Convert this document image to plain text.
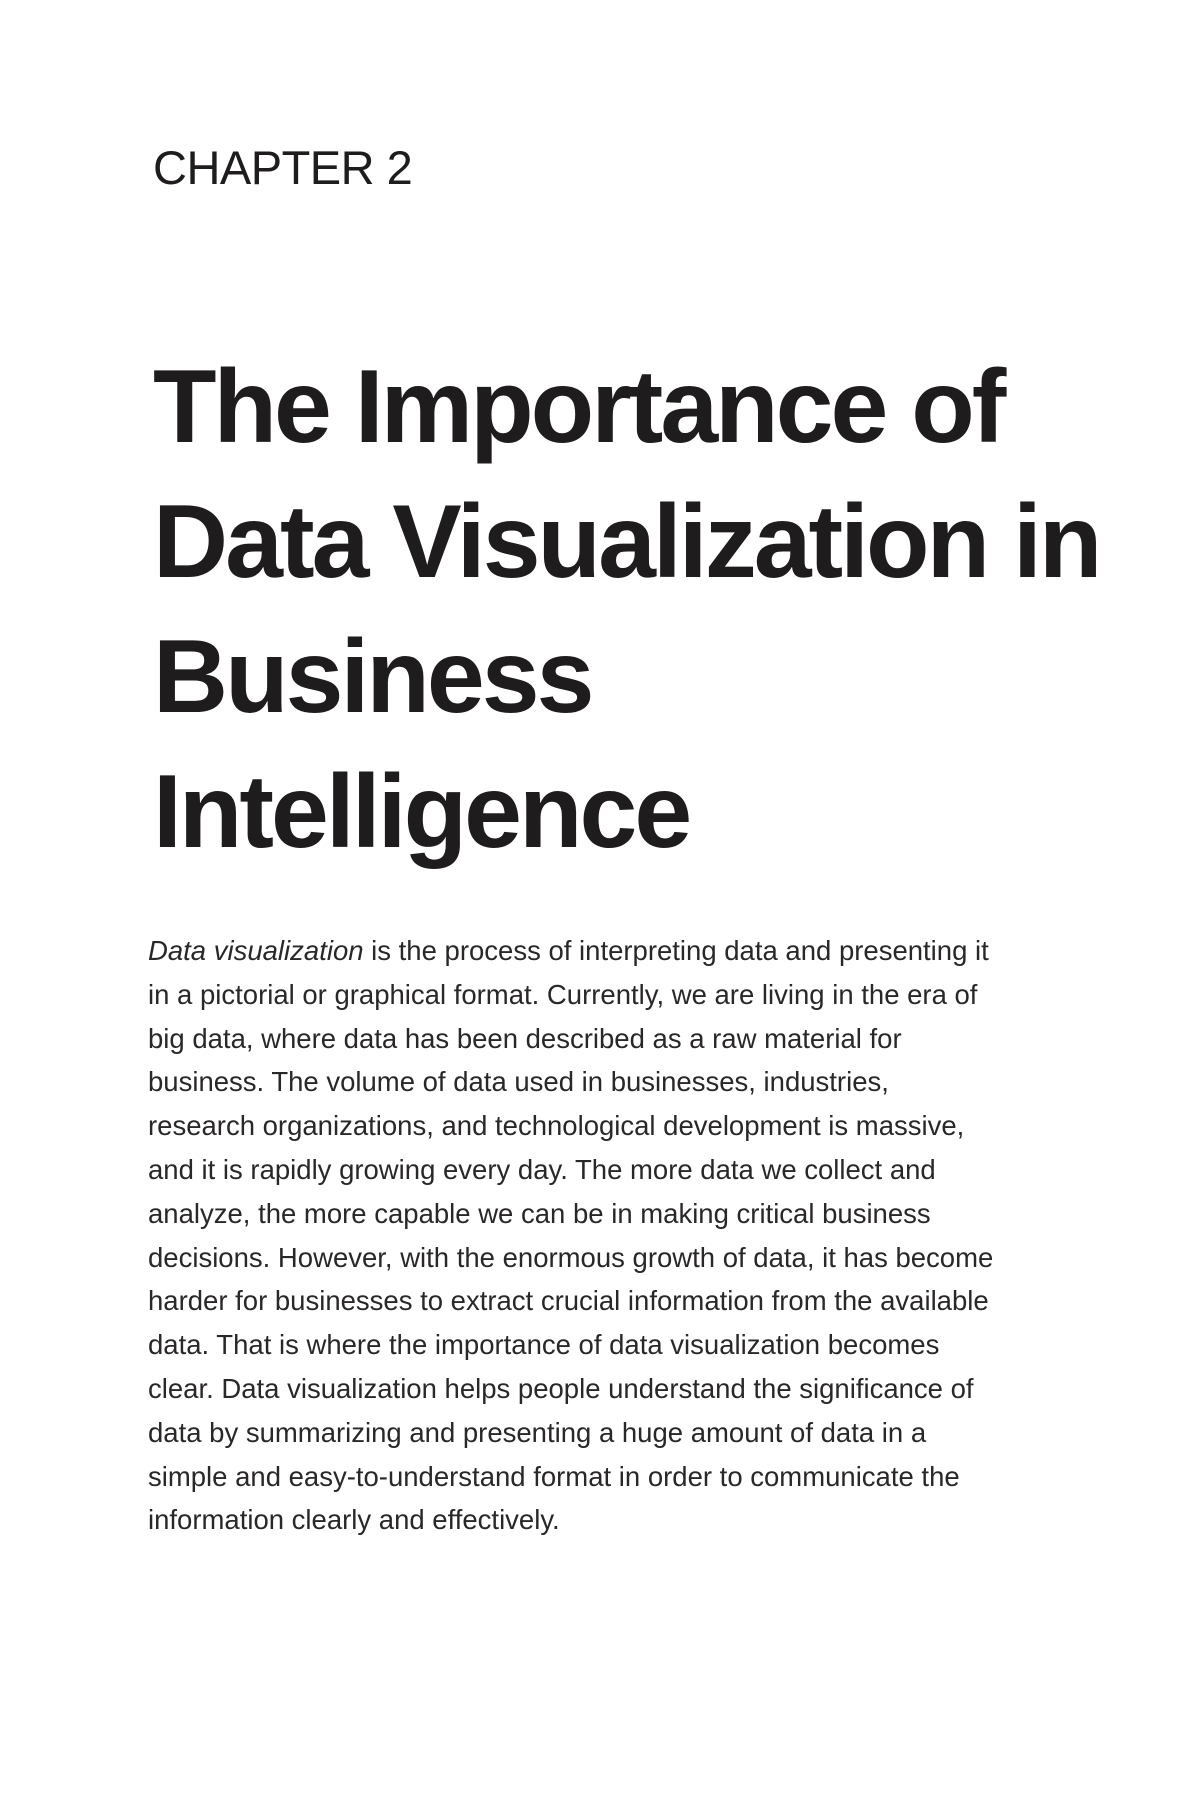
CHAPTER 2
The Importance of
Data Visualization in
Business
Intelligence
Data visualization is the process of interpreting data and presenting it
in a pictorial or graphical format. Currently, we are living in the era of
big data, where data has been described as a raw material for
business. The volume of data used in businesses, industries,
research organizations, and technological development is massive,
and it is rapidly growing every day. The more data we collect and
analyze, the more capable we can be in making critical business
decisions. However, with the enormous growth of data, it has become
harder for businesses to extract crucial information from the available
data. That is where the importance of data visualization becomes
clear. Data visualization helps people understand the significance of
data by summarizing and presenting a huge amount of data in a
simple and easy-to-understand format in order to communicate the
information clearly and effectively.
